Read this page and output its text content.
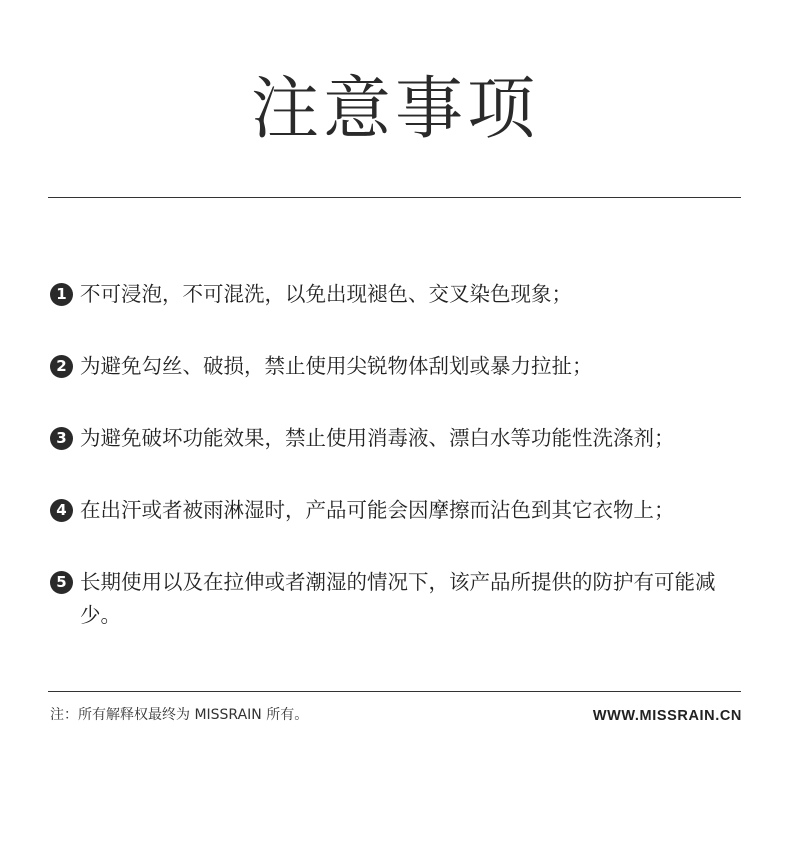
注意事项
1 不可浸泡，不可混洗，以免出现褪色、交叉染色现象；
2 为避免勾丝、破损，禁止使用尖锐物体刮划或暴力拉扯；
3 为避免破坏功能效果，禁止使用消毒液、漂白水等功能性洗涤剂；
4 在出汗或者被雨淋湿时，产品可能会因摩擦而沾色到其它衣物上；
5 长期使用以及在拉伸或者潮湿的情况下，该产品所提供的防护有可能减少。
注：所有解释权最终为 MISSRAIN 所有。	WWW.MISSRAIN.CN
